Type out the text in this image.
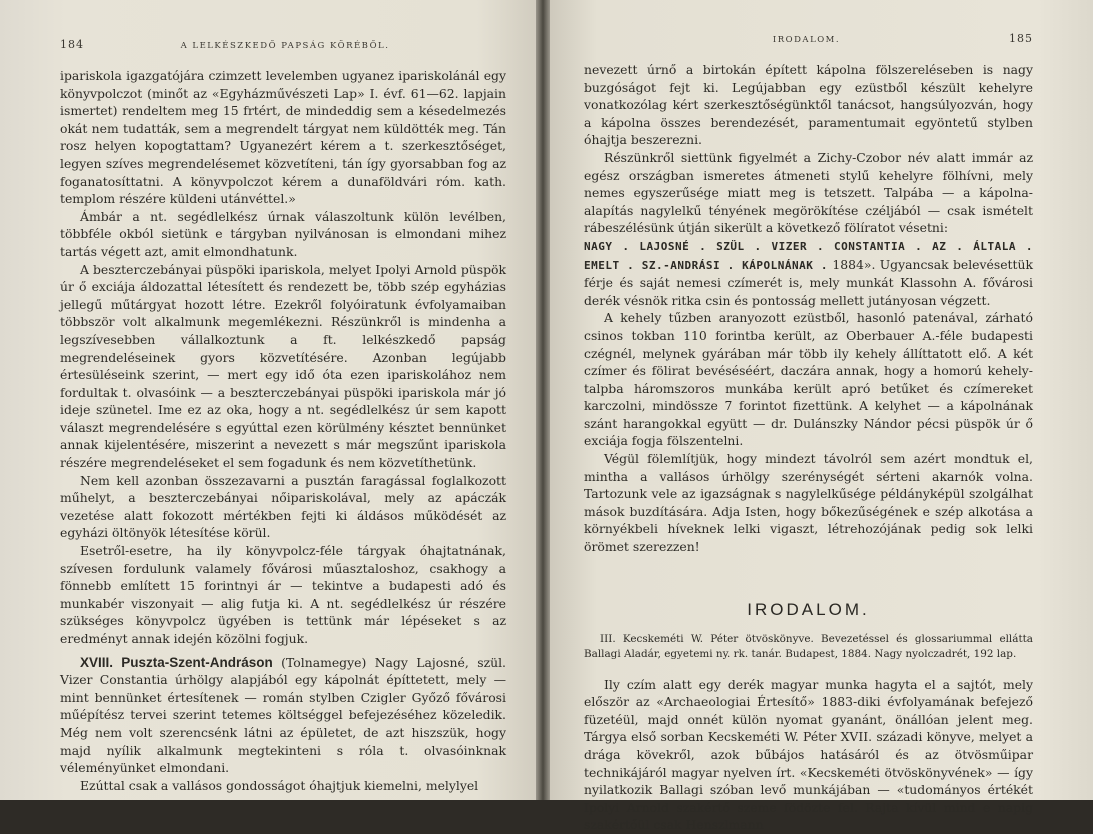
184	A LELKÉSZKEDŐ PAPSÁG KÖRÉBŐL.

ipariskola igazgatójára czimzett levelemben ugyanez ipariskolánál egy könyvpolczot (minőt az «Egyházművészeti Lap» I. évf. 61—62. lapjain ismertet) rendeltem meg 15 frtért, de mindeddig sem a késedelmezés okát nem tudatták, sem a megrendelt tárgyat nem küldötték meg. Tán rosz helyen kopogtattam? Ugyanezért kérem a t. szerkesztőséget, legyen szíves megrendelésemet közvetíteni, tán így gyorsabban fog az foganatosíttatni. A könyvpolczot kérem a dunaföldvári róm. kath. templom részére küldeni utánvéttel.»

Ámbár a nt. segédlelkész úrnak válaszoltunk külön levélben, többféle okból sietünk e tárgyban nyilvánosan is elmondani mihez tartás végett azt, amit elmondhatunk.

A beszterczebányai püspöki ipariskola, melyet Ipolyi Arnold püspök úr ő exciája áldozattal létesített és rendezett be, több szép egyházias jellegű műtárgyat hozott létre. Ezekről folyóiratunk évfolyamaiban többször volt alkalmunk megemlékezni. Részünkről is mindenha a legszívesebben vállalkoztunk a ft. lelkészkedő papság megrendeléseinek gyors közvetítésére. Azonban legújabb értesüléseink szerint, — mert egy idő óta ezen ipariskolához nem fordultak t. olvasóink — a beszterczebányai püspöki ipariskola már jó ideje szünetel. Ime ez az oka, hogy a nt. segédlelkész úr sem kapott választ megrendelésére s egyúttal ezen körülmény késztet bennünket annak kijelentésére, miszerint a nevezett s már megszűnt ipariskola részére megrendeléseket el sem fogadunk és nem közvetíthetünk.

Nem kell azonban összezavarni a pusztán faragással foglalkozott műhelyt, a beszterczebányai nőipariskolával, mely az apáczák vezetése alatt fokozott mértékben fejti ki áldásos működését az egyházi öltönyök létesítése körül.

Esetről-esetre, ha ily könyvpolcz-féle tárgyak óhajtatnának, szívesen fordulunk valamely fővárosi műasztaloshoz, csakhogy a fönnebb említett 15 forintnyi ár — tekintve a budapesti adó és munkabér viszonyait — alig futja ki. A nt. segédlelkész úr részére szükséges könyvpolcz ügyében is tettünk már lépéseket s az eredményt annak idején közölni fogjuk.

XVIII. Puszta-Szent-Andráson (Tolnamegye) Nagy Lajosné, szül. Vizer Constantia úrhölgy alapjából egy kápolnát építtetett, mely — mint bennünket értesítenek — román stylben Czigler Győző fővárosi műépítész tervei szerint tetemes költséggel befejezéséhez közeledik. Még nem volt szerencsénk látni az épületet, de azt hiszszük, hogy majd nyílik alkalmunk megtekinteni s róla t. olvasóinknak véleményünket elmondani.

Ezúttal csak a vallásos gondosságot óhajtjuk kiemelni, melylyel

IRODALOM.	185

nevezett úrnő a birtokán épített kápolna fölszereléseben is nagy buzgóságot fejt ki. Legújabban egy ezüstből készült kehelyre vonatkozólag kért szerkesztőségünktől tanácsot, hangsúlyozván, hogy a kápolna összes berendezését, paramentumait egyöntetű stylben óhajtja beszerezni.

Részünkről siettünk figyelmét a Zichy-Czobor név alatt immár az egész országban ismeretes átmeneti stylű kehelyre fölhívni, mely nemes egyszerűsége miatt meg is tetszett. Talpába — a kápolna-alapítás nagylelkű tényének megörökítése czéljából — csak ismételt rábeszélésünk útján sikerült a következő fölíratot vésetni:

NAGY . LAJOSNÉ . SZÜL . VIZER . CONSTANTIA . AZ . ÁLTALA . EMELT . SZ.-ANDRÁSI . KÁPOLNÁNAK . 1884». Ugyancsak belevésettük férje és saját nemesi czímerét is, mely munkát Klassohn A. fővárosi derék vésnök ritka csin és pontosság mellett jutányosan végzett.

A kehely tűzben aranyozott ezüstből, hasonló patenával, zárható csinos tokban 110 forintba került, az Oberbauer A.-féle budapesti czégnél, melynek gyárában már több ily kehely állíttatott elő. A két czímer és fölirat bevéséséért, daczára annak, hogy a homorú kehely-talpba háromszoros munkába került apró betűket és czímereket karczolni, mindössze 7 forintot fizettünk. A kelyhet — a kápolnának szánt harangokkal együtt — dr. Dulánszky Nándor pécsi püspök úr ő exciája fogja fölszentelni.

Végül fölemlítjük, hogy mindezt távolról sem azért mondtuk el, mintha a vallásos úrhölgy szerénységét sérteni akarnók volna. Tartozunk vele az igazságnak s nagylelkűsége példányképül szolgálhat mások buzdítására. Adja Isten, hogy bőkezűségének e szép alkotása a környékbeli híveknek lelki vigaszt, létrehozójának pedig sok lelki örömet szerezzen!

IRODALOM.

III. Kecskeméti W. Péter ötvöskönyve. Bevezetéssel és glossariummal ellátta Ballagi Aladár, egyetemi ny. rk. tanár. Budapest, 1884. Nagy nyolczadrét, 192 lap.

Ily czím alatt egy derék magyar munka hagyta el a sajtót, mely először az «Archaeologiai Értesítő» 1883-diki évfolyamának befejező füzetéül, majd onnét külön nyomat gyanánt, önállóan jelent meg. Tárgya első sorban Kecskeméti W. Péter XVII. századi könyve, melyet a drága kövekről, azok bűbájos hatásáról és az ötvösműipar technikájáról magyar nyelven írt. «Kecskeméti ötvöskönyvének» — így nyilatkozik Ballagi szóban levő munkájában — «tudományos értékét Ipolyi Arnold szakértő szeme födözte fel. Rajta kívül mind e napig szakértőül csak Henszlmann
